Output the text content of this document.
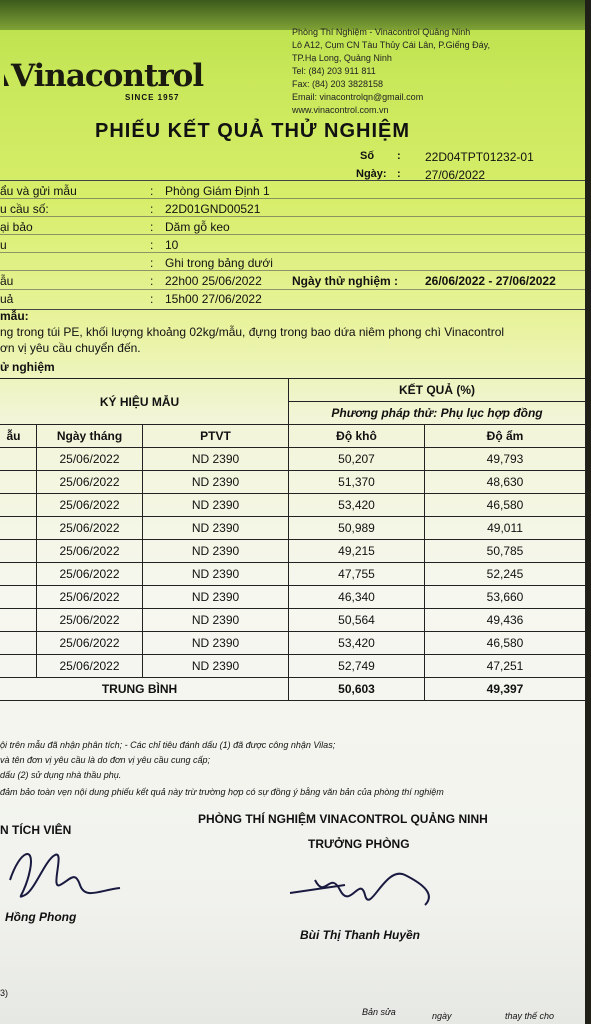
Vinacontrol
SINCE 1957
Phòng Thí Nghiệm - Vinacontrol Quảng Ninh
Lô A12, Cụm CN Tàu Thủy Cái Lân, P.Giếng Đáy,
TP.Hạ Long, Quảng Ninh
Tel: (84) 203 911 811
Fax: (84) 203 3828158
Email: vinacontrolqn@gmail.com
www.vinacontrol.com.vn
PHIẾU KẾT QUẢ THỬ NGHIỆM
Số : 22D04TPT01232-01
Ngày: : 27/06/2022
ẩu và gửi mẫu	: Phòng Giám Định 1
u cầu số:	: 22D01GND00521
ại bảo	: Dăm gỗ keo
u	: 10
: Ghi trong bảng dưới
ẫu	: 22h00 25/06/2022	Ngày thử nghiệm : 26/06/2022 - 27/06/2022
uả	: 15h00 27/06/2022
mẫu:
ng trong túi PE, khối lượng khoảng 02kg/mẫu, đựng trong bao dứa niêm phong chì Vinacontrol
ơn vị yêu cầu chuyển đến.
ử nghiệm
KÝ HIỆU MẪU			KẾT QUẢ (%)	
			Phương pháp thử: Phụ lục hợp đồng	
ẫu	Ngày tháng	PTVT	Độ khô	Độ ẩm
	25/06/2022	ND 2390	50,207	49,793
	25/06/2022	ND 2390	51,370	48,630
	25/06/2022	ND 2390	53,420	46,580
	25/06/2022	ND 2390	50,989	49,011
	25/06/2022	ND 2390	49,215	50,785
	25/06/2022	ND 2390	47,755	52,245
	25/06/2022	ND 2390	46,340	53,660
	25/06/2022	ND 2390	50,564	49,436
	25/06/2022	ND 2390	53,420	46,580
	25/06/2022	ND 2390	52,749	47,251
TRUNG BÌNH			50,603	49,397
ội trên mẫu đã nhận phân tích; - Các chỉ tiêu đánh dấu (1) đã được công nhận Vilas;
và tên đơn vị yêu cầu là do đơn vị yêu cầu cung cấp;
dấu (2) sử dụng nhà thầu phụ.
đảm bảo toàn vẹn nội dung phiếu kết quả này trừ trường hợp có sự đồng ý bằng văn bản của phòng thí nghiệm
N TÍCH VIÊN
PHÒNG THÍ NGHIỆM VINACONTROL QUẢNG NINH
TRƯỞNG PHÒNG
Hồng Phong
Bùi Thị Thanh Huyền
3)
Bản sửa	ngày	thay thế cho
